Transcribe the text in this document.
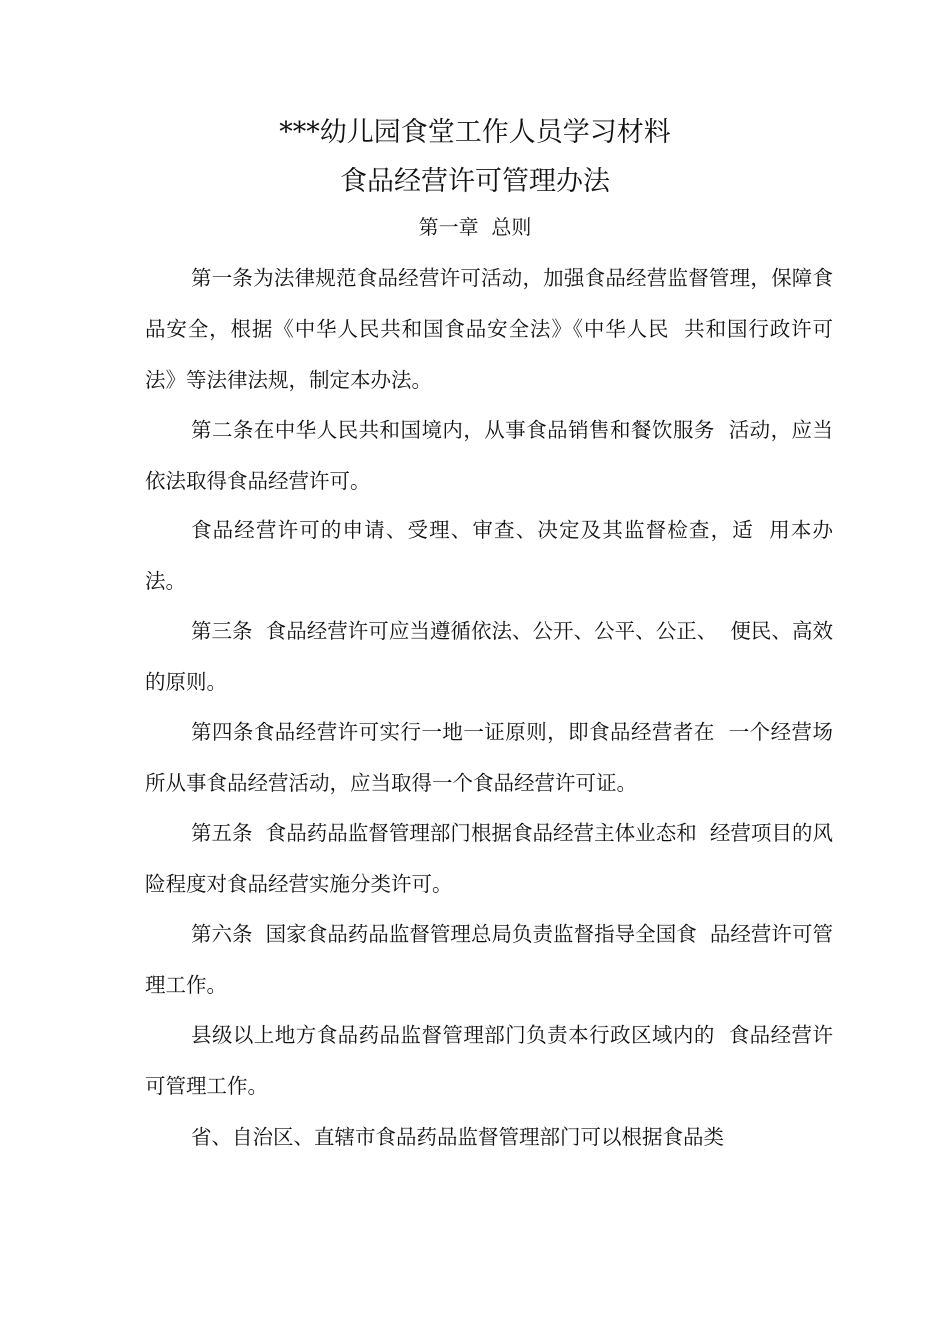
***幼儿园食堂工作人员学习材料
食品经营许可管理办法
第一章  总则

第一条为法律规范食品经营许可活动，加强食品经营监督管理，保障食品安全，根据《中华人民共和国食品安全法》《中华人民  共和国行政许可法》等法律法规，制定本办法。

第二条在中华人民共和国境内，从事食品销售和餐饮服务  活动，应当依法取得食品经营许可。

食品经营许可的申请、受理、审查、决定及其监督检查，适  用本办法。

第三条  食品经营许可应当遵循依法、公开、公平、公正、  便民、高效的原则。

第四条食品经营许可实行一地一证原则，即食品经营者在  一个经营场所从事食品经营活动，应当取得一个食品经营许可证。

第五条  食品药品监督管理部门根据食品经营主体业态和  经营项目的风险程度对食品经营实施分类许可。

第六条  国家食品药品监督管理总局负责监督指导全国食  品经营许可管理工作。

县级以上地方食品药品监督管理部门负责本行政区域内的  食品经营许可管理工作。

省、自治区、直辖市食品药品监督管理部门可以根据食品类
